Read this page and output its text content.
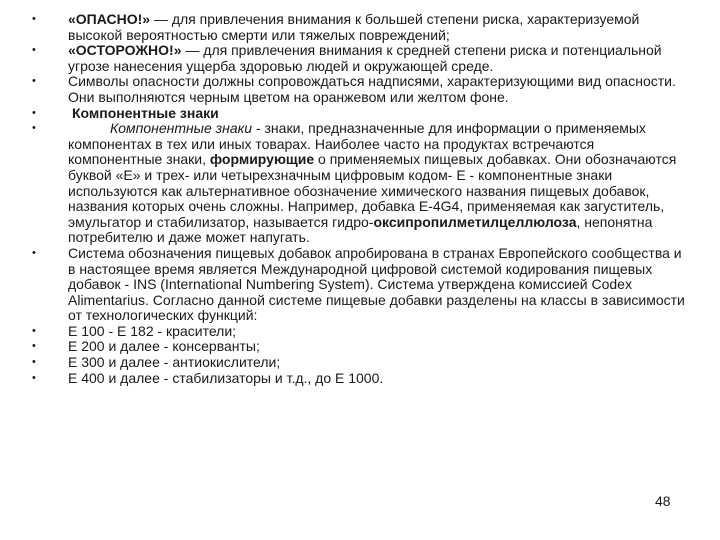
• «ОПАСНО!» — для привлечения внимания к большей степени риска, характеризуемой высокой вероятностью смерти или тяжелых повреждений;
• «ОСТОРОЖНО!» — для привлечения внимания к средней степени риска и потенциальной угрозе нанесения ущерба здоровью людей и окружающей среде.
• Символы опасности должны сопровождаться надписями, характеризующими вид опасности. Они выполняются черным цветом на оранжевом или желтом фоне.
•	Компонентные знаки
•	Компонентные знаки - знаки, предназначенные для информации о применяемых компонентах в тех или иных товарах. Наиболее часто на продуктах встречаются компонентные знаки, формирующие о применяемых пищевых добавках. Они обозначаются буквой «Е» и трех- или четырехзначным цифровым кодом- Е - компонентные знаки используются как альтернативное обозначение химического названия пищевых добавок, названия которых очень сложны. Например, добавка Е-4G4, применяемая как загуститель, эмульгатор и стабилизатор, называется гидро-оксипропилметилцеллюлоза, непонятна потребителю и даже может напугать.
• Система обозначения пищевых добавок апробирована в странах Европейского сообщества и в настоящее время является Международной цифровой системой кодирования пищевых добавок - INS (International Numbering System). Система утверждена комиссией Codex Alimentarius. Согласно данной системе пищевые добавки разделены на классы в зависимости от технологических функций:
• Е 100 - Е 182 - красители;
• Е 200 и далее - консерванты;
• Е 300 и далее - антиокислители;
• Е 400 и далее - стабилизаторы и т.д., до Е 1000.
48
